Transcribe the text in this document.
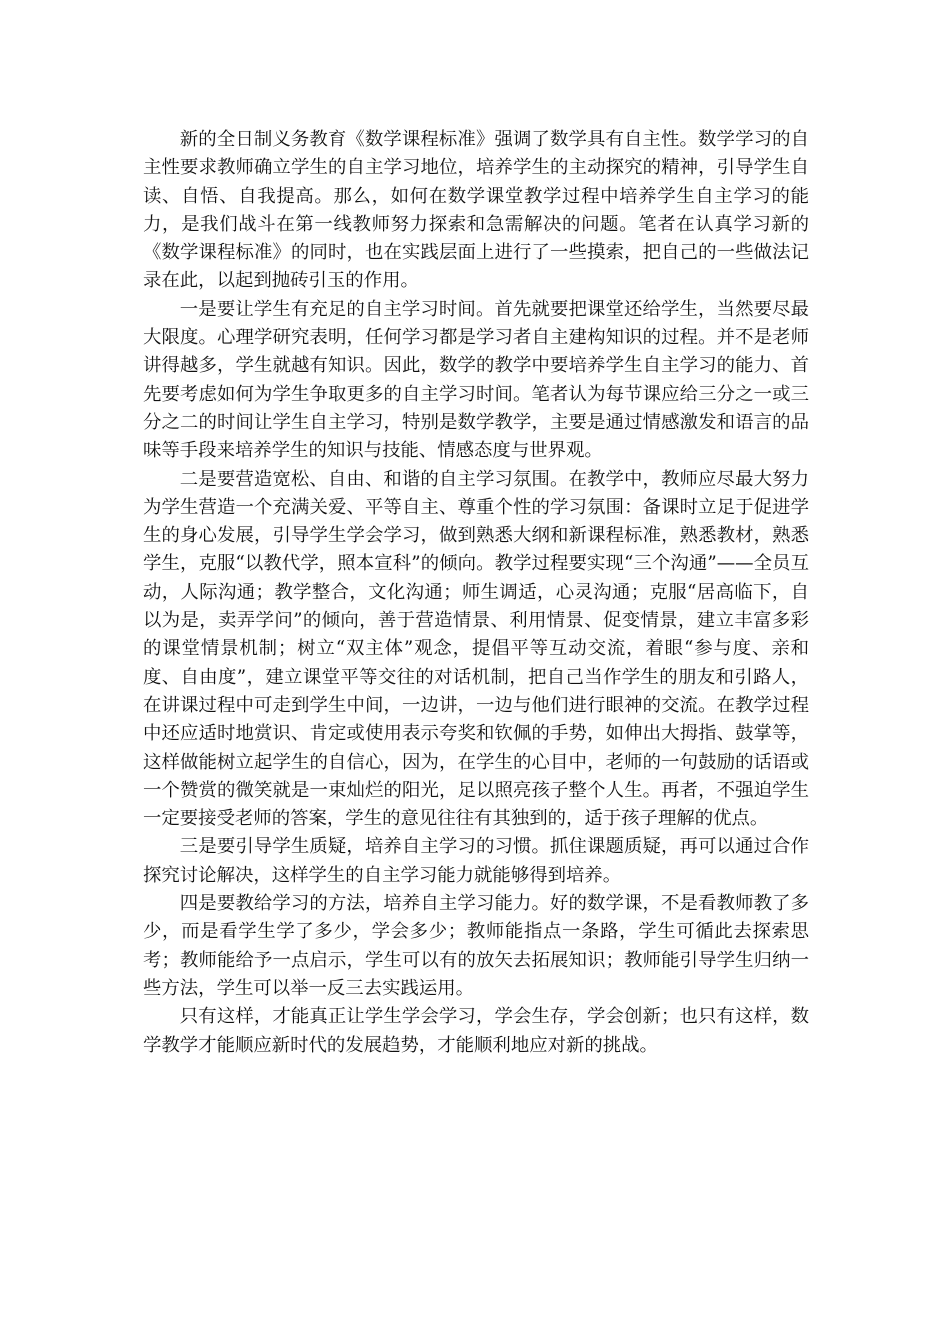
新的全日制义务教育《数学课程标准》强调了数学具有自主性。数学学习的自主性要求教师确立学生的自主学习地位，培养学生的主动探究的精神，引导学生自读、自悟、自我提高。那么，如何在数学课堂教学过程中培养学生自主学习的能力，是我们战斗在第一线教师努力探索和急需解决的问题。笔者在认真学习新的《数学课程标准》的同时，也在实践层面上进行了一些摸索，把自己的一些做法记录在此，以起到抛砖引玉的作用。

一是要让学生有充足的自主学习时间。首先就要把课堂还给学生，当然要尽最大限度。心理学研究表明，任何学习都是学习者自主建构知识的过程。并不是老师讲得越多，学生就越有知识。因此，数学的教学中要培养学生自主学习的能力、首先要考虑如何为学生争取更多的自主学习时间。笔者认为每节课应给三分之一或三分之二的时间让学生自主学习，特别是数学教学，主要是通过情感激发和语言的品味等手段来培养学生的知识与技能、情感态度与世界观。

二是要营造宽松、自由、和谐的自主学习氛围。在教学中，教师应尽最大努力为学生营造一个充满关爱、平等自主、尊重个性的学习氛围：备课时立足于促进学生的身心发展，引导学生学会学习，做到熟悉大纲和新课程标准，熟悉教材，熟悉学生，克服“以教代学，照本宣科”的倾向。教学过程要实现“三个沟通”——全员互动，人际沟通；教学整合，文化沟通；师生调适，心灵沟通；克服“居高临下，自以为是，卖弄学问”的倾向，善于营造情景、利用情景、促变情景，建立丰富多彩的课堂情景机制；树立“双主体”观念，提倡平等互动交流，着眼“参与度、亲和度、自由度”，建立课堂平等交往的对话机制，把自己当作学生的朋友和引路人，在讲课过程中可走到学生中间，一边讲，一边与他们进行眼神的交流。在教学过程中还应适时地赏识、肯定或使用表示夸奖和钦佩的手势，如伸出大拇指、鼓掌等，这样做能树立起学生的自信心，因为，在学生的心目中，老师的一句鼓励的话语或一个赞赏的微笑就是一束灿烂的阳光，足以照亮孩子整个人生。再者，不强迫学生一定要接受老师的答案，学生的意见往往有其独到的，适于孩子理解的优点。

三是要引导学生质疑，培养自主学习的习惯。抓住课题质疑，再可以通过合作探究讨论解决，这样学生的自主学习能力就能够得到培养。

四是要教给学习的方法，培养自主学习能力。好的数学课，不是看教师教了多少，而是看学生学了多少，学会多少；教师能指点一条路，学生可循此去探索思考；教师能给予一点启示，学生可以有的放矢去拓展知识；教师能引导学生归纳一些方法，学生可以举一反三去实践运用。

只有这样，才能真正让学生学会学习，学会生存，学会创新；也只有这样，数学教学才能顺应新时代的发展趋势，才能顺利地应对新的挑战。
